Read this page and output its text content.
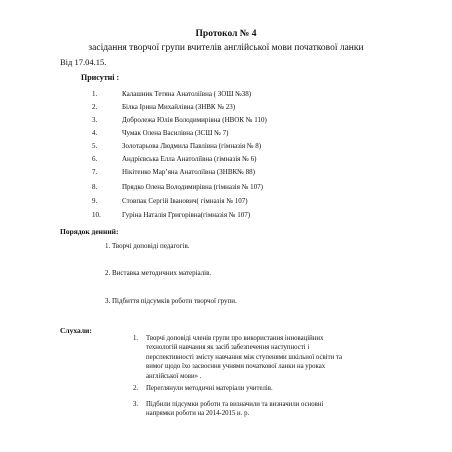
Протокол № 4
засідання творчої групи вчителів англійської мови початкової ланки
Від 17.04.15.
Присутні :
1.	Калашник Тетяна Анатоліївна ( ЗОШ №38)
2.	Білка Ірина Михайлівна (ЗНВК № 23)
3.	Добролежа Юлія Володимирівна (НВОК № 110)
4.	Чумак Олена Василівна (ЗСШ № 7)
5.	Золотарьова Людмила Павлівна (гімназія № 8)
6.	Андрієвська Елла Анатоліївна (гімназія № 6)
7.	Нікітенко Мар’яна Анатоліївна (ЗНВК№ 88)
8.	Прядко Олена Володимирівна (гімназія № 107)
9.	Стовпак Сергій Іванович( гімназія № 107)
10.	Гуріна Наталія Григорівна(гімназія № 107)
Порядок денний:
1. Творчі доповіді педагогів.
2. Виставка методичних матеріалів.
3. Підбиття підсумків роботи творчої групи.
Слухали:
1. Творчі доповіді членів групи про використання інноваційних
технологій навчання як засіб забезпечення наступності і
перспективності змісту навчання між ступенями шкільної освіти та
вимог щодо їхо засвоєння учнями початкової ланки на уроках
англійської мови» .
2. Переглянули методичні матеріали учителів.
3. Підбили підсумки роботи та визначили та визначили основні
напрямки роботи на 2014-2015 н. р.
